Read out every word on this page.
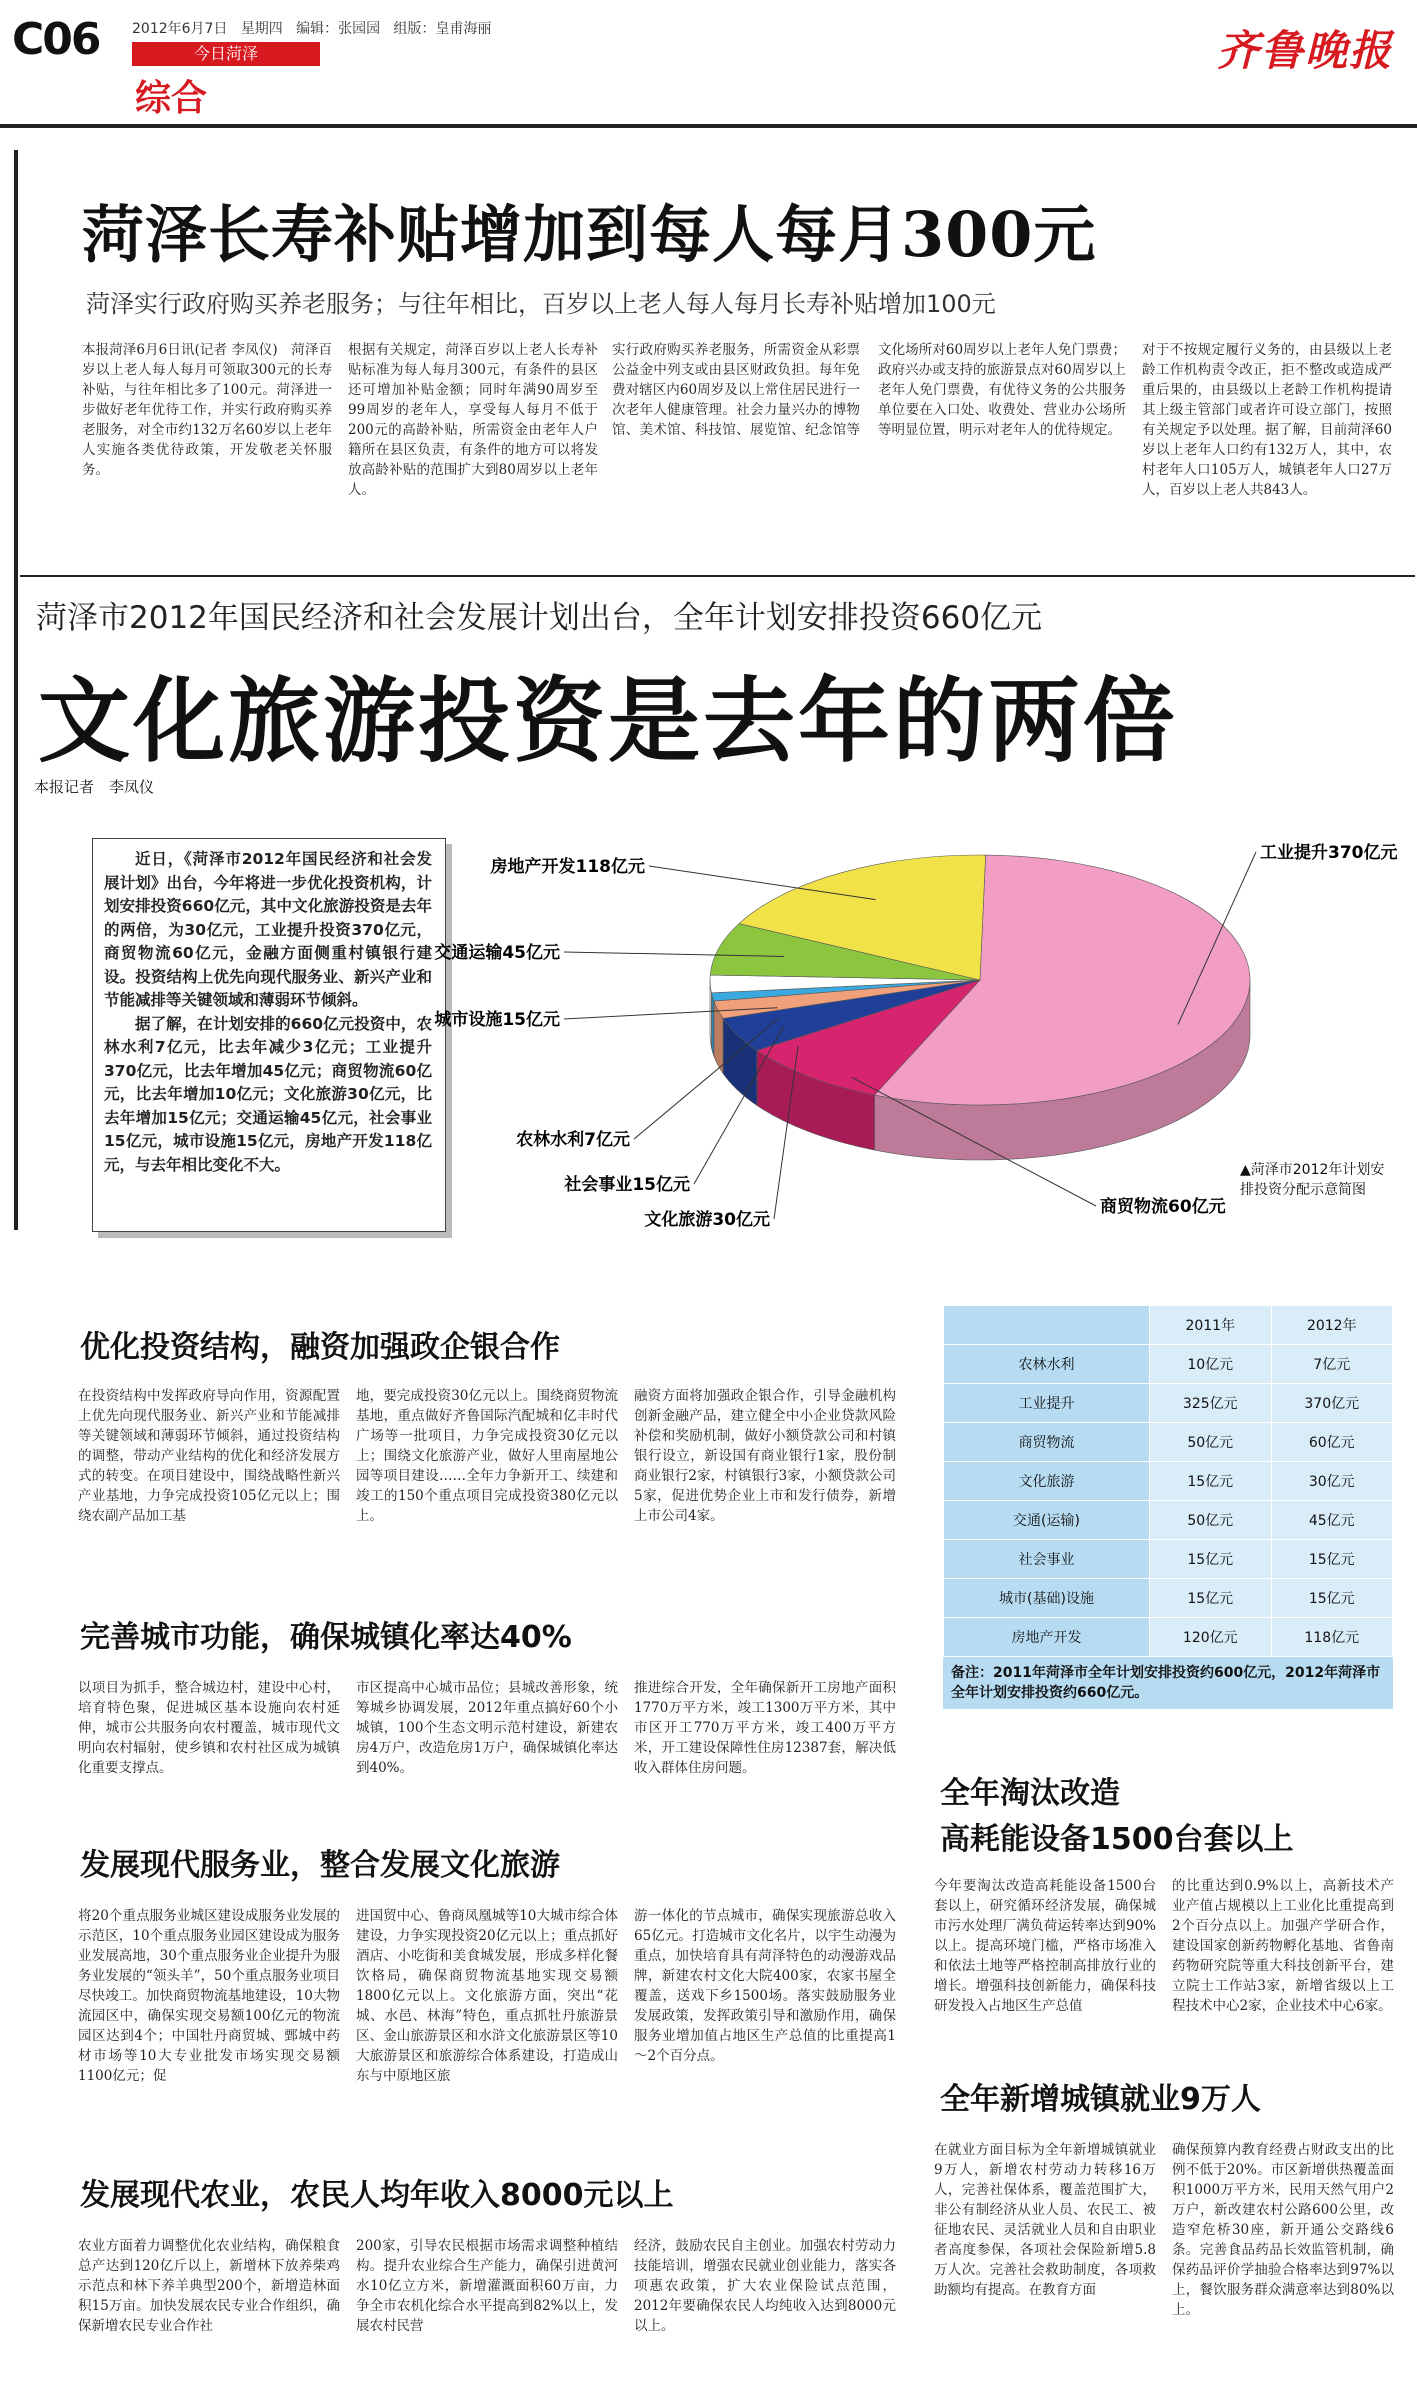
C06 2012年6月7日 星期四 编辑：张园园 组版：皇甫海丽
今日菏泽
综合
齐鲁晚报
菏泽长寿补贴增加到每人每月300元
菏泽实行政府购买养老服务；与往年相比，百岁以上老人每人每月长寿补贴增加100元
本报菏泽6月6日讯(记者 李凤仪)　菏泽百岁以上老人每人每月可领取300元的长寿补贴，与往年相比多了100元。菏泽进一步做好老年优待工作，并实行政府购买养老服务，对全市约132万名60岁以上老年人实施各类优待政策，开发敬老关怀服务。
根据有关规定，菏泽百岁以上老人长寿补贴标准为每人每月300元，有条件的县区还可增加补贴金额；同时年满90周岁至99周岁的老年人，享受每人每月不低于200元的高龄补贴，所需资金由老年人户籍所在县区负责，有条件的地方可以将发放高龄补贴的范围扩大到80周岁以上老年人。
实行政府购买养老服务，所需资金从彩票公益金中列支或由县区财政负担。每年免费对辖区内60周岁及以上常住居民进行一次老年人健康管理。社会力量兴办的博物馆、美术馆、科技馆、展览馆、纪念馆等文化场所对60周岁以上老年人免门票费；政府兴办或支持的旅游景点对60周岁以上老年人免门票费，有优待义务的公共服务单位要在入口处、收费处、营业办公场所等明显位置，明示对老年人的优待规定。
对于不按规定履行义务的，由县级以上老龄工作机构责令改正，拒不整改或造成严重后果的，由县级以上老龄工作机构提请其上级主管部门或者许可设立部门，按照有关规定予以处理。据了解，目前菏泽60岁以上老年人口约有132万人，其中，农村老年人口105万人，城镇老年人口27万人，百岁以上老人共843人。
菏泽市2012年国民经济和社会发展计划出台，全年计划安排投资660亿元
文化旅游投资是去年的两倍
本报记者　李凤仪

近日，《菏泽市2012年国民经济和社会发展计划》出台，今年将进一步优化投资机构，计划安排投资660亿元，其中文化旅游投资是去年的两倍，为30亿元，工业提升投资370亿元，商贸物流60亿元，金融方面侧重村镇银行建设。投资结构上优先向现代服务业、新兴产业和节能减排等关键领域和薄弱环节倾斜。

据了解，在计划安排的660亿元投资中，农林水利7亿元，比去年减少3亿元；工业提升370亿元，比去年增加45亿元；商贸物流60亿元，比去年增加10亿元；文化旅游30亿元，比去年增加15亿元；交通运输45亿元，社会事业15亿元，城市设施15亿元，房地产开发118亿元，与去年相比变化不大。

工业提升370亿元
商贸物流60亿元
文化旅游30亿元
社会事业15亿元
农林水利7亿元
城市设施15亿元
交通运输45亿元
房地产开发118亿元
▲菏泽市2012年计划安排投资分配示意简图
	2011年	2012年
农林水利	10亿元	7亿元
工业提升	325亿元	370亿元
商贸物流	50亿元	60亿元
文化旅游	15亿元	30亿元
交通(运输)	50亿元	45亿元
社会事业	15亿元	15亿元
城市(基础)设施	15亿元	15亿元
房地产开发	120亿元	118亿元
备注：2011年菏泽市全年计划安排投资约600亿元，2012年菏泽市全年计划安排投资约660亿元。
优化投资结构，融资加强政企银合作
在投资结构中发挥政府导向作用，资源配置上优先向现代服务业、新兴产业和节能减排等关键领域和薄弱环节倾斜，通过投资结构的调整，带动产业结构的优化和经济发展方式的转变。在项目建设中，围绕战略性新兴产业基地，力争完成投资105亿元以上；围绕农副产品加工基
地，要完成投资30亿元以上。围绕商贸物流基地，重点做好齐鲁国际汽配城和亿丰时代广场等一批项目，力争完成投资30亿元以上；围绕文化旅游产业，做好人里南屋地公园等项目建设……全年力争新开工、续建和竣工的150个重点项目完成投资380亿元以上。
融资方面将加强政企银合作，引导金融机构创新金融产品，建立健全中小企业贷款风险补偿和奖励机制，做好小额贷款公司和村镇银行设立，新设国有商业银行1家，股份制商业银行2家，村镇银行3家，小额贷款公司5家，促进优势企业上市和发行债券，新增上市公司4家。
完善城市功能，确保城镇化率达40%
以项目为抓手，整合城边村，建设中心村，培育特色聚，促进城区基本设施向农村延伸，城市公共服务向农村覆盖，城市现代文明向农村辐射，使乡镇和农村社区成为城镇化重要支撑点。
市区提高中心城市品位；县城改善形象，统筹城乡协调发展，2012年重点搞好60个小城镇，100个生态文明示范村建设，新建农房4万户，改造危房1万户，确保城镇化率达到40%。
推进综合开发，全年确保新开工房地产面积1770万平方米，竣工1300万平方米，其中市区开工770万平方米，竣工400万平方米，开工建设保障性住房12387套，解决低收入群体住房问题。
发展现代服务业，整合发展文化旅游
将20个重点服务业城区建设成服务业发展的示范区，10个重点服务业园区建设成为服务业发展高地，30个重点服务业企业提升为服务业发展的“领头羊”，50个重点服务业项目尽快竣工。加快商贸物流基地建设，10大物流园区中，确保实现交易额100亿元的物流园区达到4个；中国牡丹商贸城、鄄城中药材市场等10大专业批发市场实现交易额1100亿元；促
进国贸中心、鲁商凤凰城等10大城市综合体建设，力争实现投资20亿元以上；重点抓好酒店、小吃街和美食城发展，形成多样化餐饮格局，确保商贸物流基地实现交易额1800亿元以上。文化旅游方面，突出“花城、水邑、林海”特色，重点抓牡丹旅游景区、金山旅游景区和水浒文化旅游景区等10大旅游景区和旅游综合体系建设，打造成山东与中原地区旅
游一体化的节点城市，确保实现旅游总收入65亿元。打造城市文化名片，以宇生动漫为重点，加快培育具有菏泽特色的动漫游戏品牌，新建农村文化大院400家，农家书屋全覆盖，送戏下乡1500场。落实鼓励服务业发展政策，发挥政策引导和激励作用，确保服务业增加值占地区生产总值的比重提高1～2个百分点。
发展现代农业，农民人均年收入8000元以上
农业方面着力调整优化农业结构，确保粮食总产达到120亿斤以上，新增林下放养柴鸡示范点和林下养羊典型200个，新增造林面积15万亩。加快发展农民专业合作组织，确保新增农民专业合作社
200家，引导农民根据市场需求调整种植结构。提升农业综合生产能力，确保引进黄河水10亿立方米，新增灌溉面积60万亩，力争全市农机化综合水平提高到82%以上，发展农村民营
经济，鼓励农民自主创业。加强农村劳动力技能培训，增强农民就业创业能力，落实各项惠农政策，扩大农业保险试点范围，2012年要确保农民人均纯收入达到8000元以上。
全年淘汰改造
高耗能设备1500台套以上
今年要淘汰改造高耗能设备1500台套以上，研究循环经济发展，确保城市污水处理厂满负荷运转率达到90%以上。提高环境门槛，严格市场准入和依法土地等严格控制高排放行业的增长。增强科技创新能力，确保科技研发投入占地区生产总值
的比重达到0.9%以上，高新技术产业产值占规模以上工业化比重提高到2个百分点以上。加强产学研合作，建设国家创新药物孵化基地、省鲁南药物研究院等重大科技创新平台，建立院士工作站3家，新增省级以上工程技术中心2家，企业技术中心6家。
全年新增城镇就业9万人
在就业方面目标为全年新增城镇就业9万人，新增农村劳动力转移16万人，完善社保体系，覆盖范围扩大，非公有制经济从业人员、农民工、被征地农民、灵活就业人员和自由职业者高度参保，各项社会保险新增5.8万人次。完善社会救助制度，各项救助额均有提高。在教育方面
确保预算内教育经费占财政支出的比例不低于20%。市区新增供热覆盖面积1000万平方米，民用天然气用户2万户，新改建农村公路600公里，改造窄危桥30座，新开通公交路线6条。完善食品药品长效监管机制，确保药品评价学抽验合格率达到97%以上，餐饮服务群众满意率达到80%以上。
